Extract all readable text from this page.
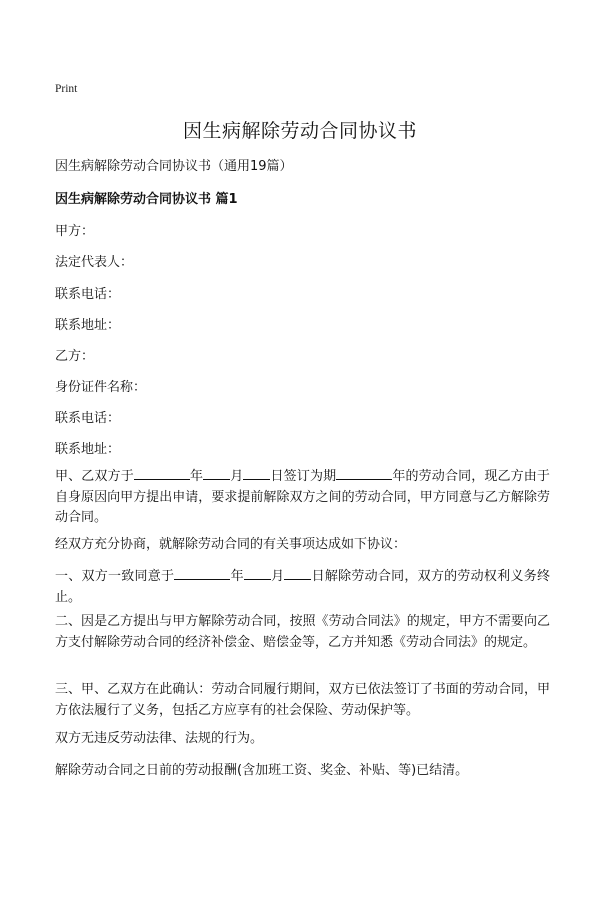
Print
因生病解除劳动合同协议书
因生病解除劳动合同协议书（通用19篇）
因生病解除劳动合同协议书 篇1
甲方：
法定代表人：
联系电话：
联系地址：
乙方：
身份证件名称：
联系电话：
联系地址：
甲、乙双方于	年 月 日签订为期	年的劳动合同，现乙方由于自身原因向甲方提出申请，要求提前解除双方之间的劳动合同，甲方同意与乙方解除劳动合同。
经双方充分协商，就解除劳动合同的有关事项达成如下协议：
一、双方一致同意于	年 月 日解除劳动合同，双方的劳动权利义务终止。
二、因是乙方提出与甲方解除劳动合同，按照《劳动合同法》的规定，甲方不需要向乙方支付解除劳动合同的经济补偿金、赔偿金等，乙方并知悉《劳动合同法》的规定。
三、甲、乙双方在此确认：劳动合同履行期间，双方已依法签订了书面的劳动合同，甲方依法履行了义务，包括乙方应享有的社会保险、劳动保护等。
双方无违反劳动法律、法规的行为。
解除劳动合同之日前的劳动报酬(含加班工资、奖金、补贴、等)已结清。
